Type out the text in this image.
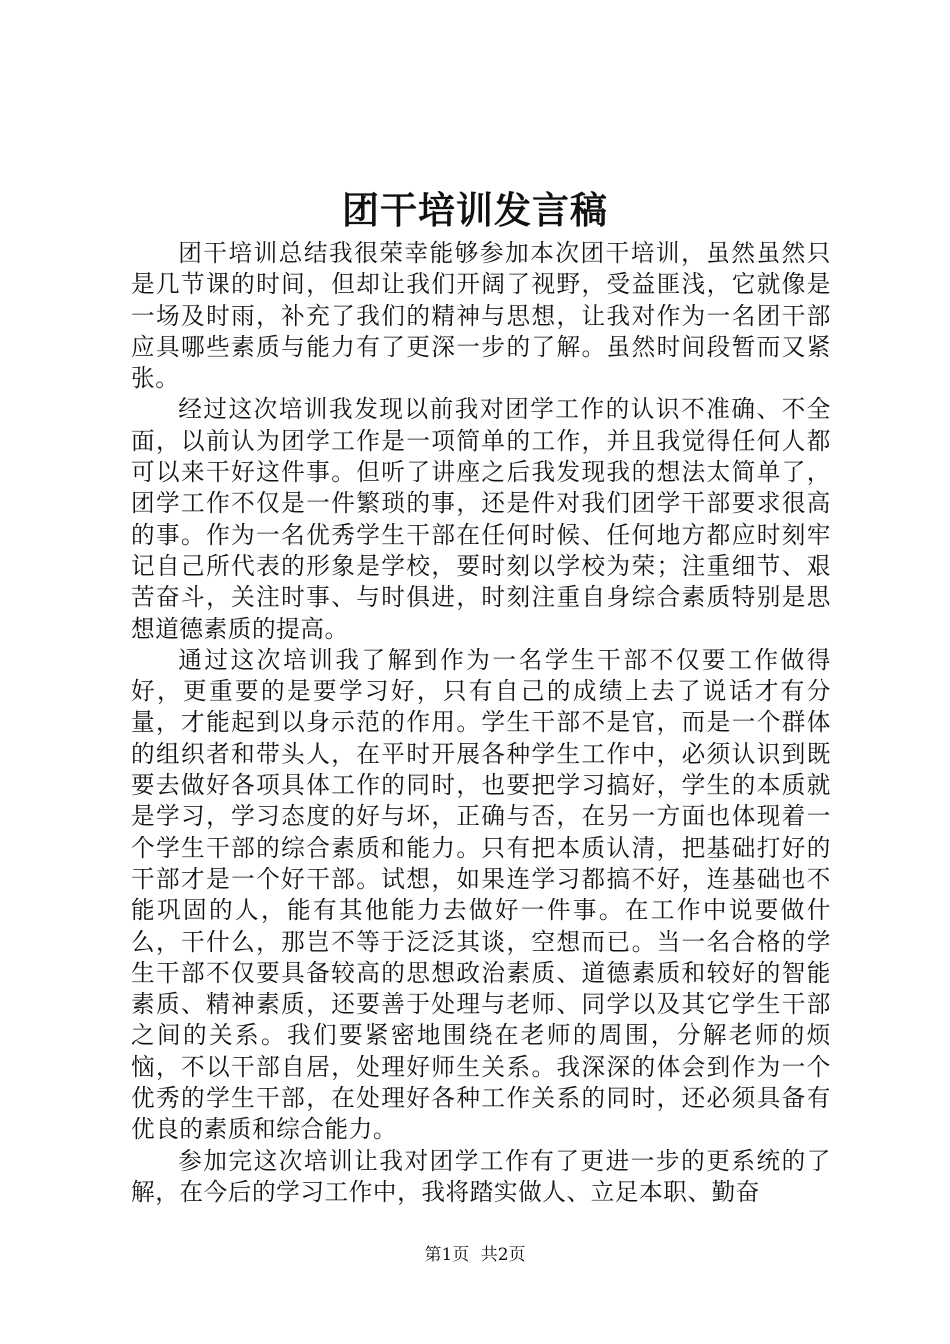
团干培训发言稿

团干培训总结我很荣幸能够参加本次团干培训，虽然虽然只是几节课的时间，但却让我们开阔了视野，受益匪浅，它就像是一场及时雨，补充了我们的精神与思想，让我对作为一名团干部应具哪些素质与能力有了更深一步的了解。虽然时间段暂而又紧张。

经过这次培训我发现以前我对团学工作的认识不准确、不全面，以前认为团学工作是一项简单的工作，并且我觉得任何人都可以来干好这件事。但听了讲座之后我发现我的想法太简单了，团学工作不仅是一件繁琐的事，还是件对我们团学干部要求很高的事。作为一名优秀学生干部在任何时候、任何地方都应时刻牢记自己所代表的形象是学校，要时刻以学校为荣；注重细节、艰苦奋斗，关注时事、与时俱进，时刻注重自身综合素质特别是思想道德素质的提高。

通过这次培训我了解到作为一名学生干部不仅要工作做得好，更重要的是要学习好，只有自己的成绩上去了说话才有分量，才能起到以身示范的作用。学生干部不是官，而是一个群体的组织者和带头人，在平时开展各种学生工作中，必须认识到既要去做好各项具体工作的同时，也要把学习搞好，学生的本质就是学习，学习态度的好与坏，正确与否，在另一方面也体现着一个学生干部的综合素质和能力。只有把本质认清，把基础打好的干部才是一个好干部。试想，如果连学习都搞不好，连基础也不能巩固的人，能有其他能力去做好一件事。在工作中说要做什么，干什么，那岂不等于泛泛其谈，空想而已。当一名合格的学生干部不仅要具备较高的思想政治素质、道德素质和较好的智能素质、精神素质，还要善于处理与老师、同学以及其它学生干部之间的关系。我们要紧密地围绕在老师的周围，分解老师的烦恼，不以干部自居，处理好师生关系。我深深的体会到作为一个优秀的学生干部，在处理好各种工作关系的同时，还必须具备有优良的素质和综合能力。

参加完这次培训让我对团学工作有了更进一步的更系统的了解，在今后的学习工作中，我将踏实做人、立足本职、勤奋

第1页 共2页
